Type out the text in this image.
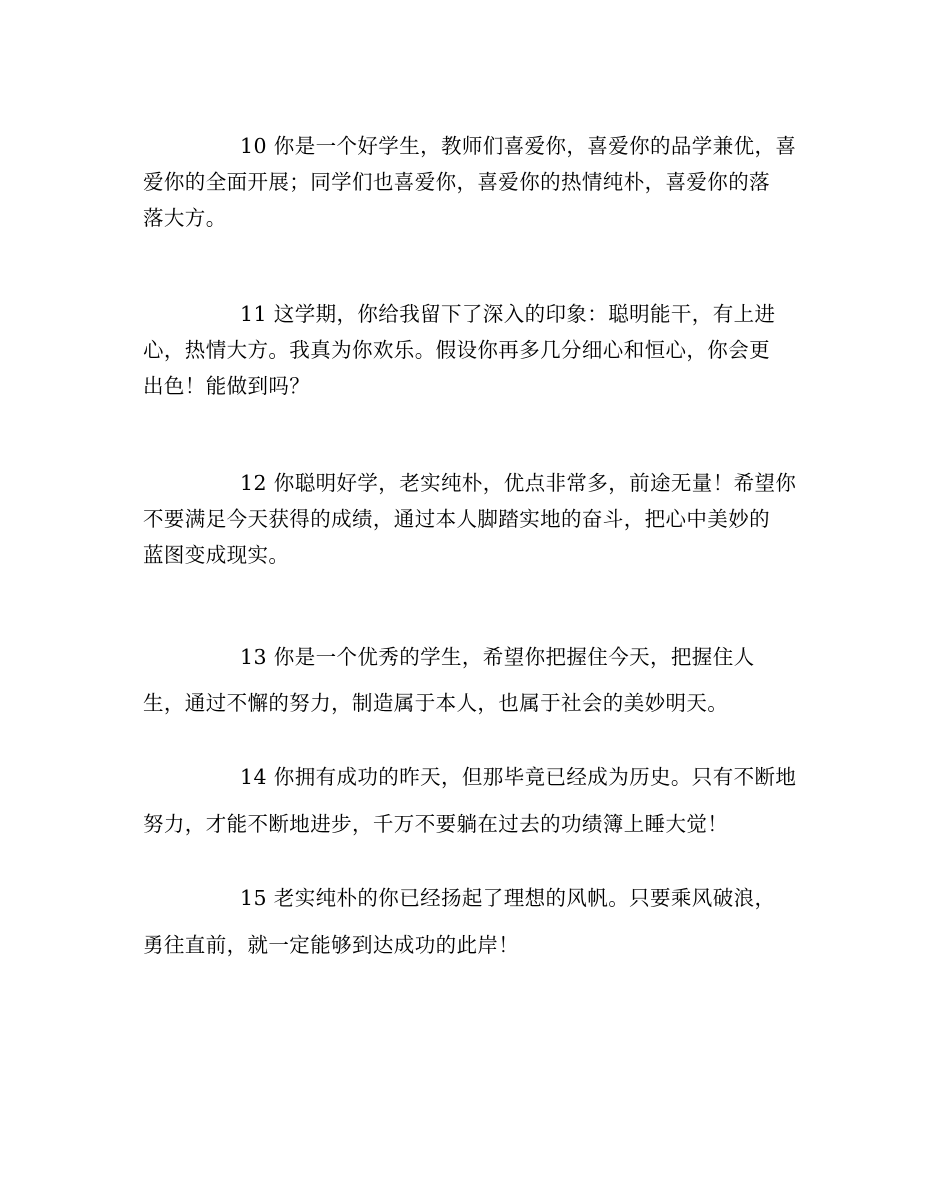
10 你是一个好学生，教师们喜爱你，喜爱你的品学兼优，喜
爱你的全面开展；同学们也喜爱你，喜爱你的热情纯朴，喜爱你的落
落大方。
11 这学期，你给我留下了深入的印象：聪明能干，有上进
心，热情大方。我真为你欢乐。假设你再多几分细心和恒心，你会更
出色！能做到吗？
12 你聪明好学，老实纯朴，优点非常多，前途无量！希望你
不要满足今天获得的成绩，通过本人脚踏实地的奋斗，把心中美妙的
蓝图变成现实。
13 你是一个优秀的学生，希望你把握住今天，把握住人
生，通过不懈的努力，制造属于本人，也属于社会的美妙明天。
14 你拥有成功的昨天，但那毕竟已经成为历史。只有不断地
努力，才能不断地进步，千万不要躺在过去的功绩簿上睡大觉！
15 老实纯朴的你已经扬起了理想的风帆。只要乘风破浪，
勇往直前，就一定能够到达成功的此岸！
